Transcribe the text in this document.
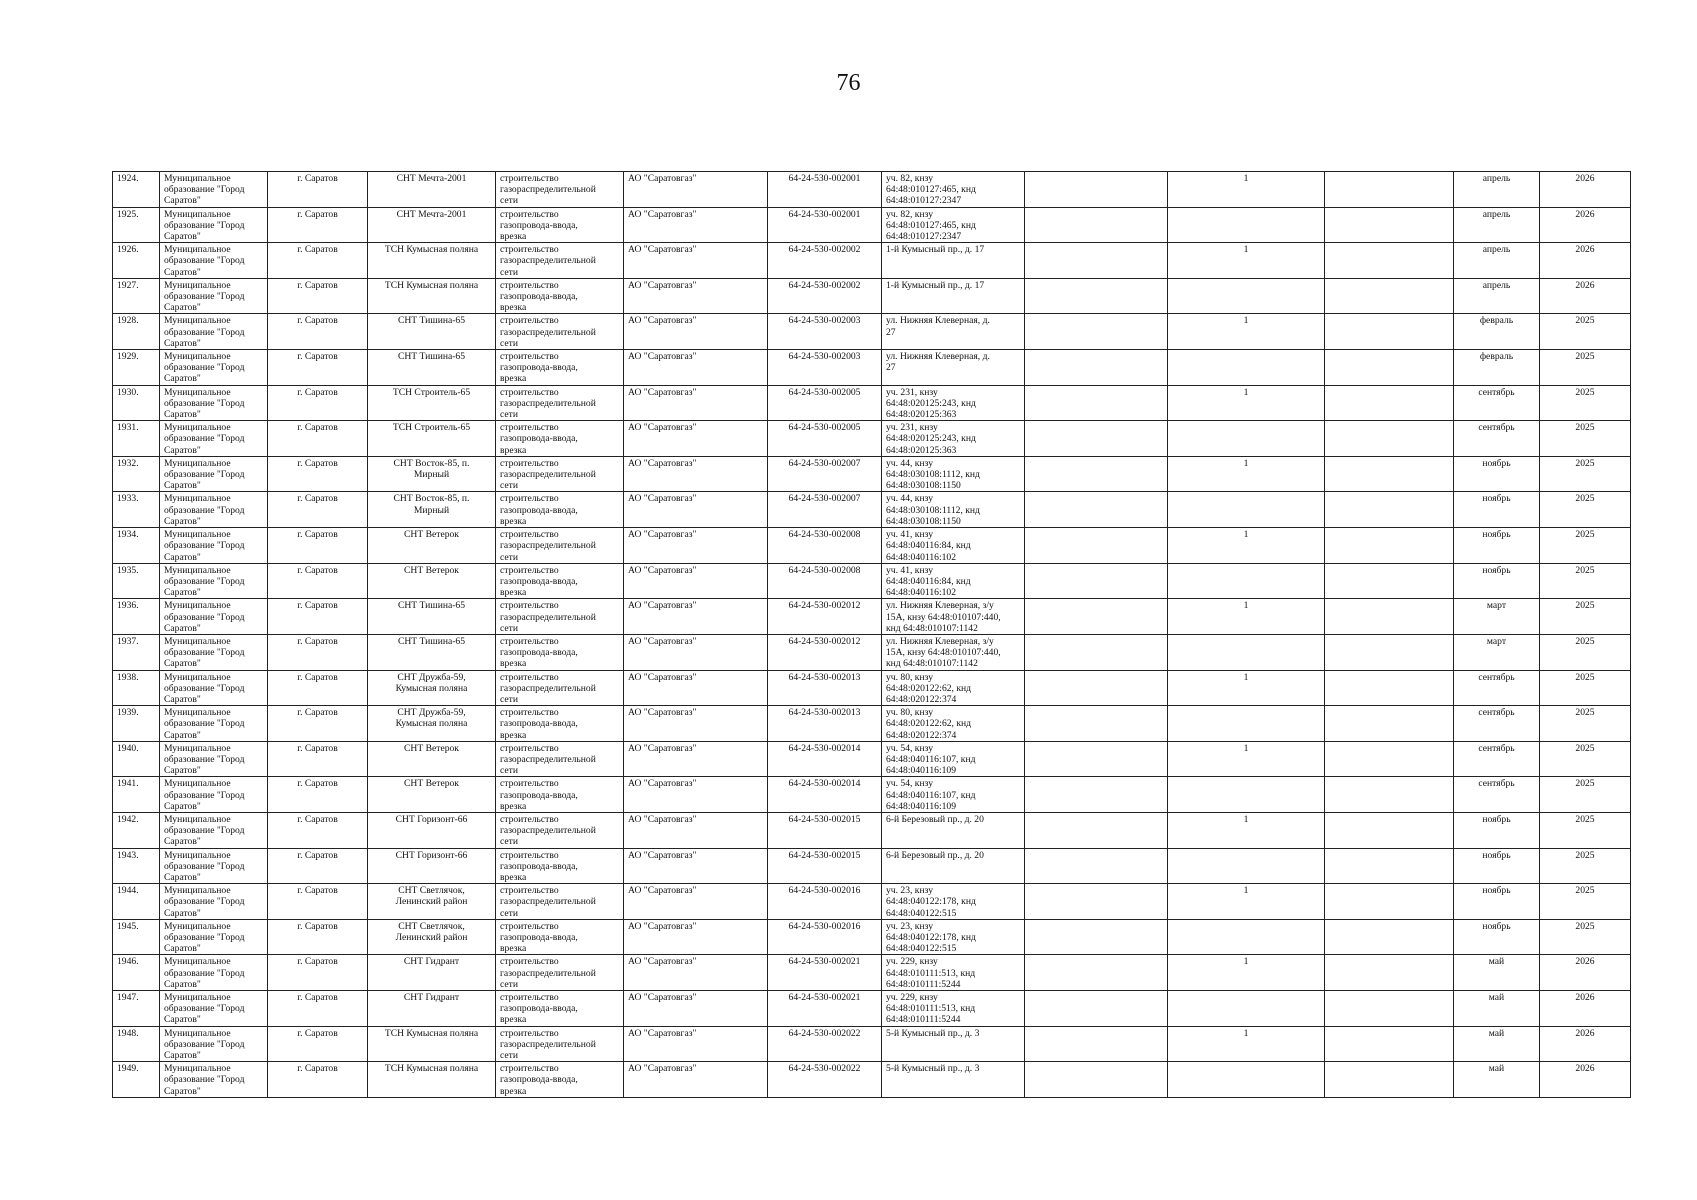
76
1924.	Муниципальное
образование "Город
Саратов"	г. Саратов	СНТ Мечта-2001	строительство
газораспределительной
сети	АО "Саратовгаз"	64-24-530-002001	уч. 82, кнзу
64:48:010127:465, кнд
64:48:010127:2347		1		апрель	2026
1925.	Муниципальное
образование "Город
Саратов"	г. Саратов	СНТ Мечта-2001	строительство
газопровода-ввода,
врезка	АО "Саратовгаз"	64-24-530-002001	уч. 82, кнзу
64:48:010127:465, кнд
64:48:010127:2347				апрель	2026
1926.	Муниципальное
образование "Город
Саратов"	г. Саратов	ТСН Кумысная поляна	строительство
газораспределительной
сети	АО "Саратовгаз"	64-24-530-002002	1-й Кумысный пр., д. 17		1		апрель	2026
1927.	Муниципальное
образование "Город
Саратов"	г. Саратов	ТСН Кумысная поляна	строительство
газопровода-ввода,
врезка	АО "Саратовгаз"	64-24-530-002002	1-й Кумысный пр., д. 17				апрель	2026
1928.	Муниципальное
образование "Город
Саратов"	г. Саратов	СНТ Тишина-65	строительство
газораспределительной
сети	АО "Саратовгаз"	64-24-530-002003	ул. Нижняя Клеверная, д.
27		1		февраль	2025
1929.	Муниципальное
образование "Город
Саратов"	г. Саратов	СНТ Тишина-65	строительство
газопровода-ввода,
врезка	АО "Саратовгаз"	64-24-530-002003	ул. Нижняя Клеверная, д.
27				февраль	2025
1930.	Муниципальное
образование "Город
Саратов"	г. Саратов	ТСН Строитель-65	строительство
газораспределительной
сети	АО "Саратовгаз"	64-24-530-002005	уч. 231, кнзу
64:48:020125:243, кнд
64:48:020125:363		1		сентябрь	2025
1931.	Муниципальное
образование "Город
Саратов"	г. Саратов	ТСН Строитель-65	строительство
газопровода-ввода,
врезка	АО "Саратовгаз"	64-24-530-002005	уч. 231, кнзу
64:48:020125:243, кнд
64:48:020125:363				сентябрь	2025
1932.	Муниципальное
образование "Город
Саратов"	г. Саратов	СНТ Восток-85, п.
Мирный	строительство
газораспределительной
сети	АО "Саратовгаз"	64-24-530-002007	уч. 44, кнзу
64:48:030108:1112, кнд
64:48:030108:1150		1		ноябрь	2025
1933.	Муниципальное
образование "Город
Саратов"	г. Саратов	СНТ Восток-85, п.
Мирный	строительство
газопровода-ввода,
врезка	АО "Саратовгаз"	64-24-530-002007	уч. 44, кнзу
64:48:030108:1112, кнд
64:48:030108:1150				ноябрь	2025
1934.	Муниципальное
образование "Город
Саратов"	г. Саратов	СНТ Ветерок	строительство
газораспределительной
сети	АО "Саратовгаз"	64-24-530-002008	уч. 41, кнзу
64:48:040116:84, кнд
64:48:040116:102		1		ноябрь	2025
1935.	Муниципальное
образование "Город
Саратов"	г. Саратов	СНТ Ветерок	строительство
газопровода-ввода,
врезка	АО "Саратовгаз"	64-24-530-002008	уч. 41, кнзу
64:48:040116:84, кнд
64:48:040116:102				ноябрь	2025
1936.	Муниципальное
образование "Город
Саратов"	г. Саратов	СНТ Тишина-65	строительство
газораспределительной
сети	АО "Саратовгаз"	64-24-530-002012	ул. Нижняя Клеверная, з/у
15А, кнзу 64:48:010107:440,
кнд 64:48:010107:1142		1		март	2025
1937.	Муниципальное
образование "Город
Саратов"	г. Саратов	СНТ Тишина-65	строительство
газопровода-ввода,
врезка	АО "Саратовгаз"	64-24-530-002012	ул. Нижняя Клеверная, з/у
15А, кнзу 64:48:010107:440,
кнд 64:48:010107:1142				март	2025
1938.	Муниципальное
образование "Город
Саратов"	г. Саратов	СНТ Дружба-59,
Кумысная поляна	строительство
газораспределительной
сети	АО "Саратовгаз"	64-24-530-002013	уч. 80, кнзу
64:48:020122:62, кнд
64:48:020122:374		1		сентябрь	2025
1939.	Муниципальное
образование "Город
Саратов"	г. Саратов	СНТ Дружба-59,
Кумысная поляна	строительство
газопровода-ввода,
врезка	АО "Саратовгаз"	64-24-530-002013	уч. 80, кнзу
64:48:020122:62, кнд
64:48:020122:374				сентябрь	2025
1940.	Муниципальное
образование "Город
Саратов"	г. Саратов	СНТ Ветерок	строительство
газораспределительной
сети	АО "Саратовгаз"	64-24-530-002014	уч. 54, кнзу
64:48:040116:107, кнд
64:48:040116:109		1		сентябрь	2025
1941.	Муниципальное
образование "Город
Саратов"	г. Саратов	СНТ Ветерок	строительство
газопровода-ввода,
врезка	АО "Саратовгаз"	64-24-530-002014	уч. 54, кнзу
64:48:040116:107, кнд
64:48:040116:109				сентябрь	2025
1942.	Муниципальное
образование "Город
Саратов"	г. Саратов	СНТ Горизонт-66	строительство
газораспределительной
сети	АО "Саратовгаз"	64-24-530-002015	6-й Березовый пр., д. 20		1		ноябрь	2025
1943.	Муниципальное
образование "Город
Саратов"	г. Саратов	СНТ Горизонт-66	строительство
газопровода-ввода,
врезка	АО "Саратовгаз"	64-24-530-002015	6-й Березовый пр., д. 20				ноябрь	2025
1944.	Муниципальное
образование "Город
Саратов"	г. Саратов	СНТ Светлячок,
Ленинский район	строительство
газораспределительной
сети	АО "Саратовгаз"	64-24-530-002016	уч. 23, кнзу
64:48:040122:178, кнд
64:48:040122:515		1		ноябрь	2025
1945.	Муниципальное
образование "Город
Саратов"	г. Саратов	СНТ Светлячок,
Ленинский район	строительство
газопровода-ввода,
врезка	АО "Саратовгаз"	64-24-530-002016	уч. 23, кнзу
64:48:040122:178, кнд
64:48:040122:515				ноябрь	2025
1946.	Муниципальное
образование "Город
Саратов"	г. Саратов	СНТ Гидрант	строительство
газораспределительной
сети	АО "Саратовгаз"	64-24-530-002021	уч. 229, кнзу
64:48:010111:513, кнд
64:48:010111:5244		1		май	2026
1947.	Муниципальное
образование "Город
Саратов"	г. Саратов	СНТ Гидрант	строительство
газопровода-ввода,
врезка	АО "Саратовгаз"	64-24-530-002021	уч. 229, кнзу
64:48:010111:513, кнд
64:48:010111:5244				май	2026
1948.	Муниципальное
образование "Город
Саратов"	г. Саратов	ТСН Кумысная поляна	строительство
газораспределительной
сети	АО "Саратовгаз"	64-24-530-002022	5-й Кумысный пр., д. 3		1		май	2026
1949.	Муниципальное
образование "Город
Саратов"	г. Саратов	ТСН Кумысная поляна	строительство
газопровода-ввода,
врезка	АО "Саратовгаз"	64-24-530-002022	5-й Кумысный пр., д. 3				май	2026
